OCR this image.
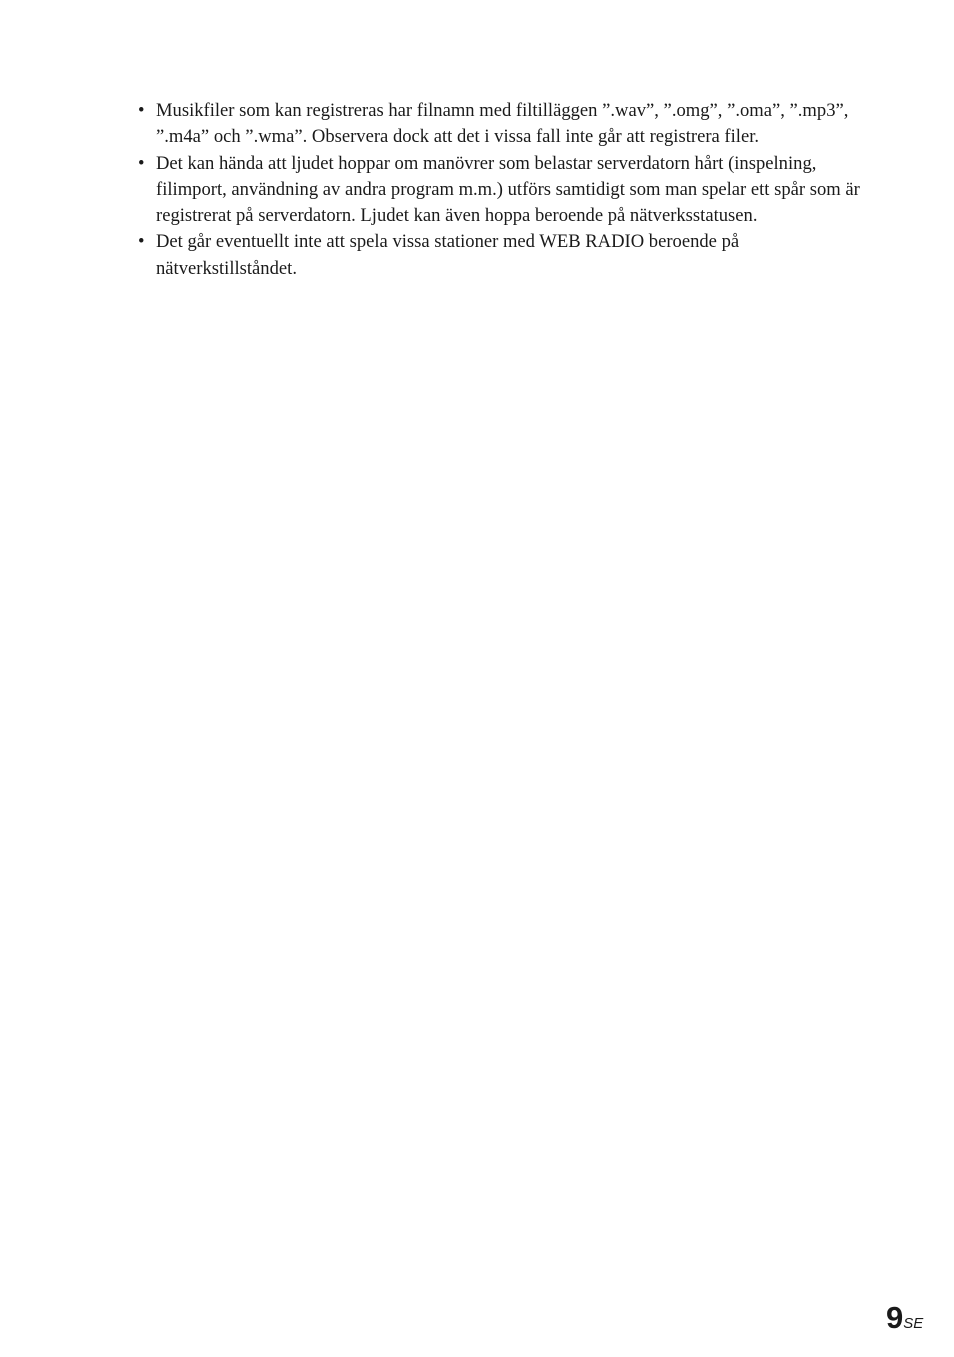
• Musikfiler som kan registreras har filnamn med filtilläggen ”.wav”, ”.omg”, ”.oma”, ”.mp3”, ”.m4a” och ”.wma”. Observera dock att det i vissa fall inte går att registrera filer.
• Det kan hända att ljudet hoppar om manövrer som belastar serverdatorn hårt (inspelning, filimport, användning av andra program m.m.) utförs samtidigt som man spelar ett spår som är registrerat på serverdatorn. Ljudet kan även hoppa beroende på nätverksstatusen.
• Det går eventuellt inte att spela vissa stationer med WEB RADIO beroende på nätverkstillståndet.
9SE
